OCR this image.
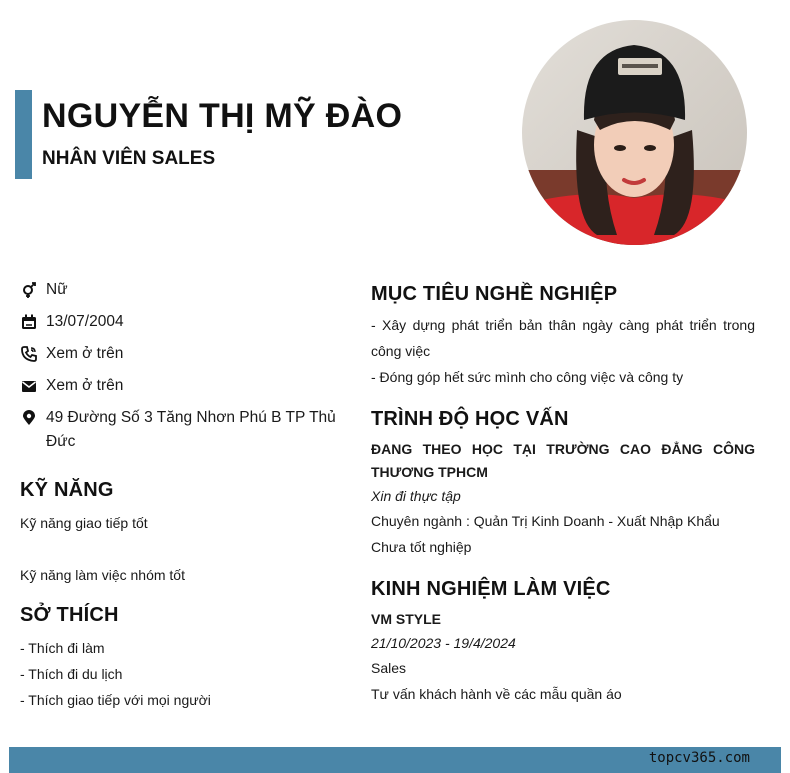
NGUYỄN THỊ MỸ ĐÀO
NHÂN VIÊN SALES
Nữ
13/07/2004
Xem ở trên
Xem ở trên
49 Đường Số 3 Tăng Nhơn Phú B TP Thủ Đức
KỸ NĂNG
Kỹ năng giao tiếp tốt
Kỹ năng làm việc nhóm tốt
SỞ THÍCH
- Thích đi làm
- Thích đi du lịch
- Thích giao tiếp với mọi người
MỤC TIÊU NGHỀ NGHIỆP
- Xây dựng phát triển bản thân ngày càng phát triển trong công việc
- Đóng góp hết sức mình cho công việc và công ty
TRÌNH ĐỘ HỌC VẤN
ĐANG THEO HỌC TẠI TRƯỜNG CAO ĐẲNG CÔNG THƯƠNG TPHCM
Xin đi thực tập
Chuyên ngành : Quản Trị Kinh Doanh - Xuất Nhập Khẩu
Chưa tốt nghiệp
KINH NGHIỆM LÀM VIỆC
VM STYLE
21/10/2023 - 19/4/2024
Sales
Tư vấn khách hành về các mẫu quần áo
topcv365.com
